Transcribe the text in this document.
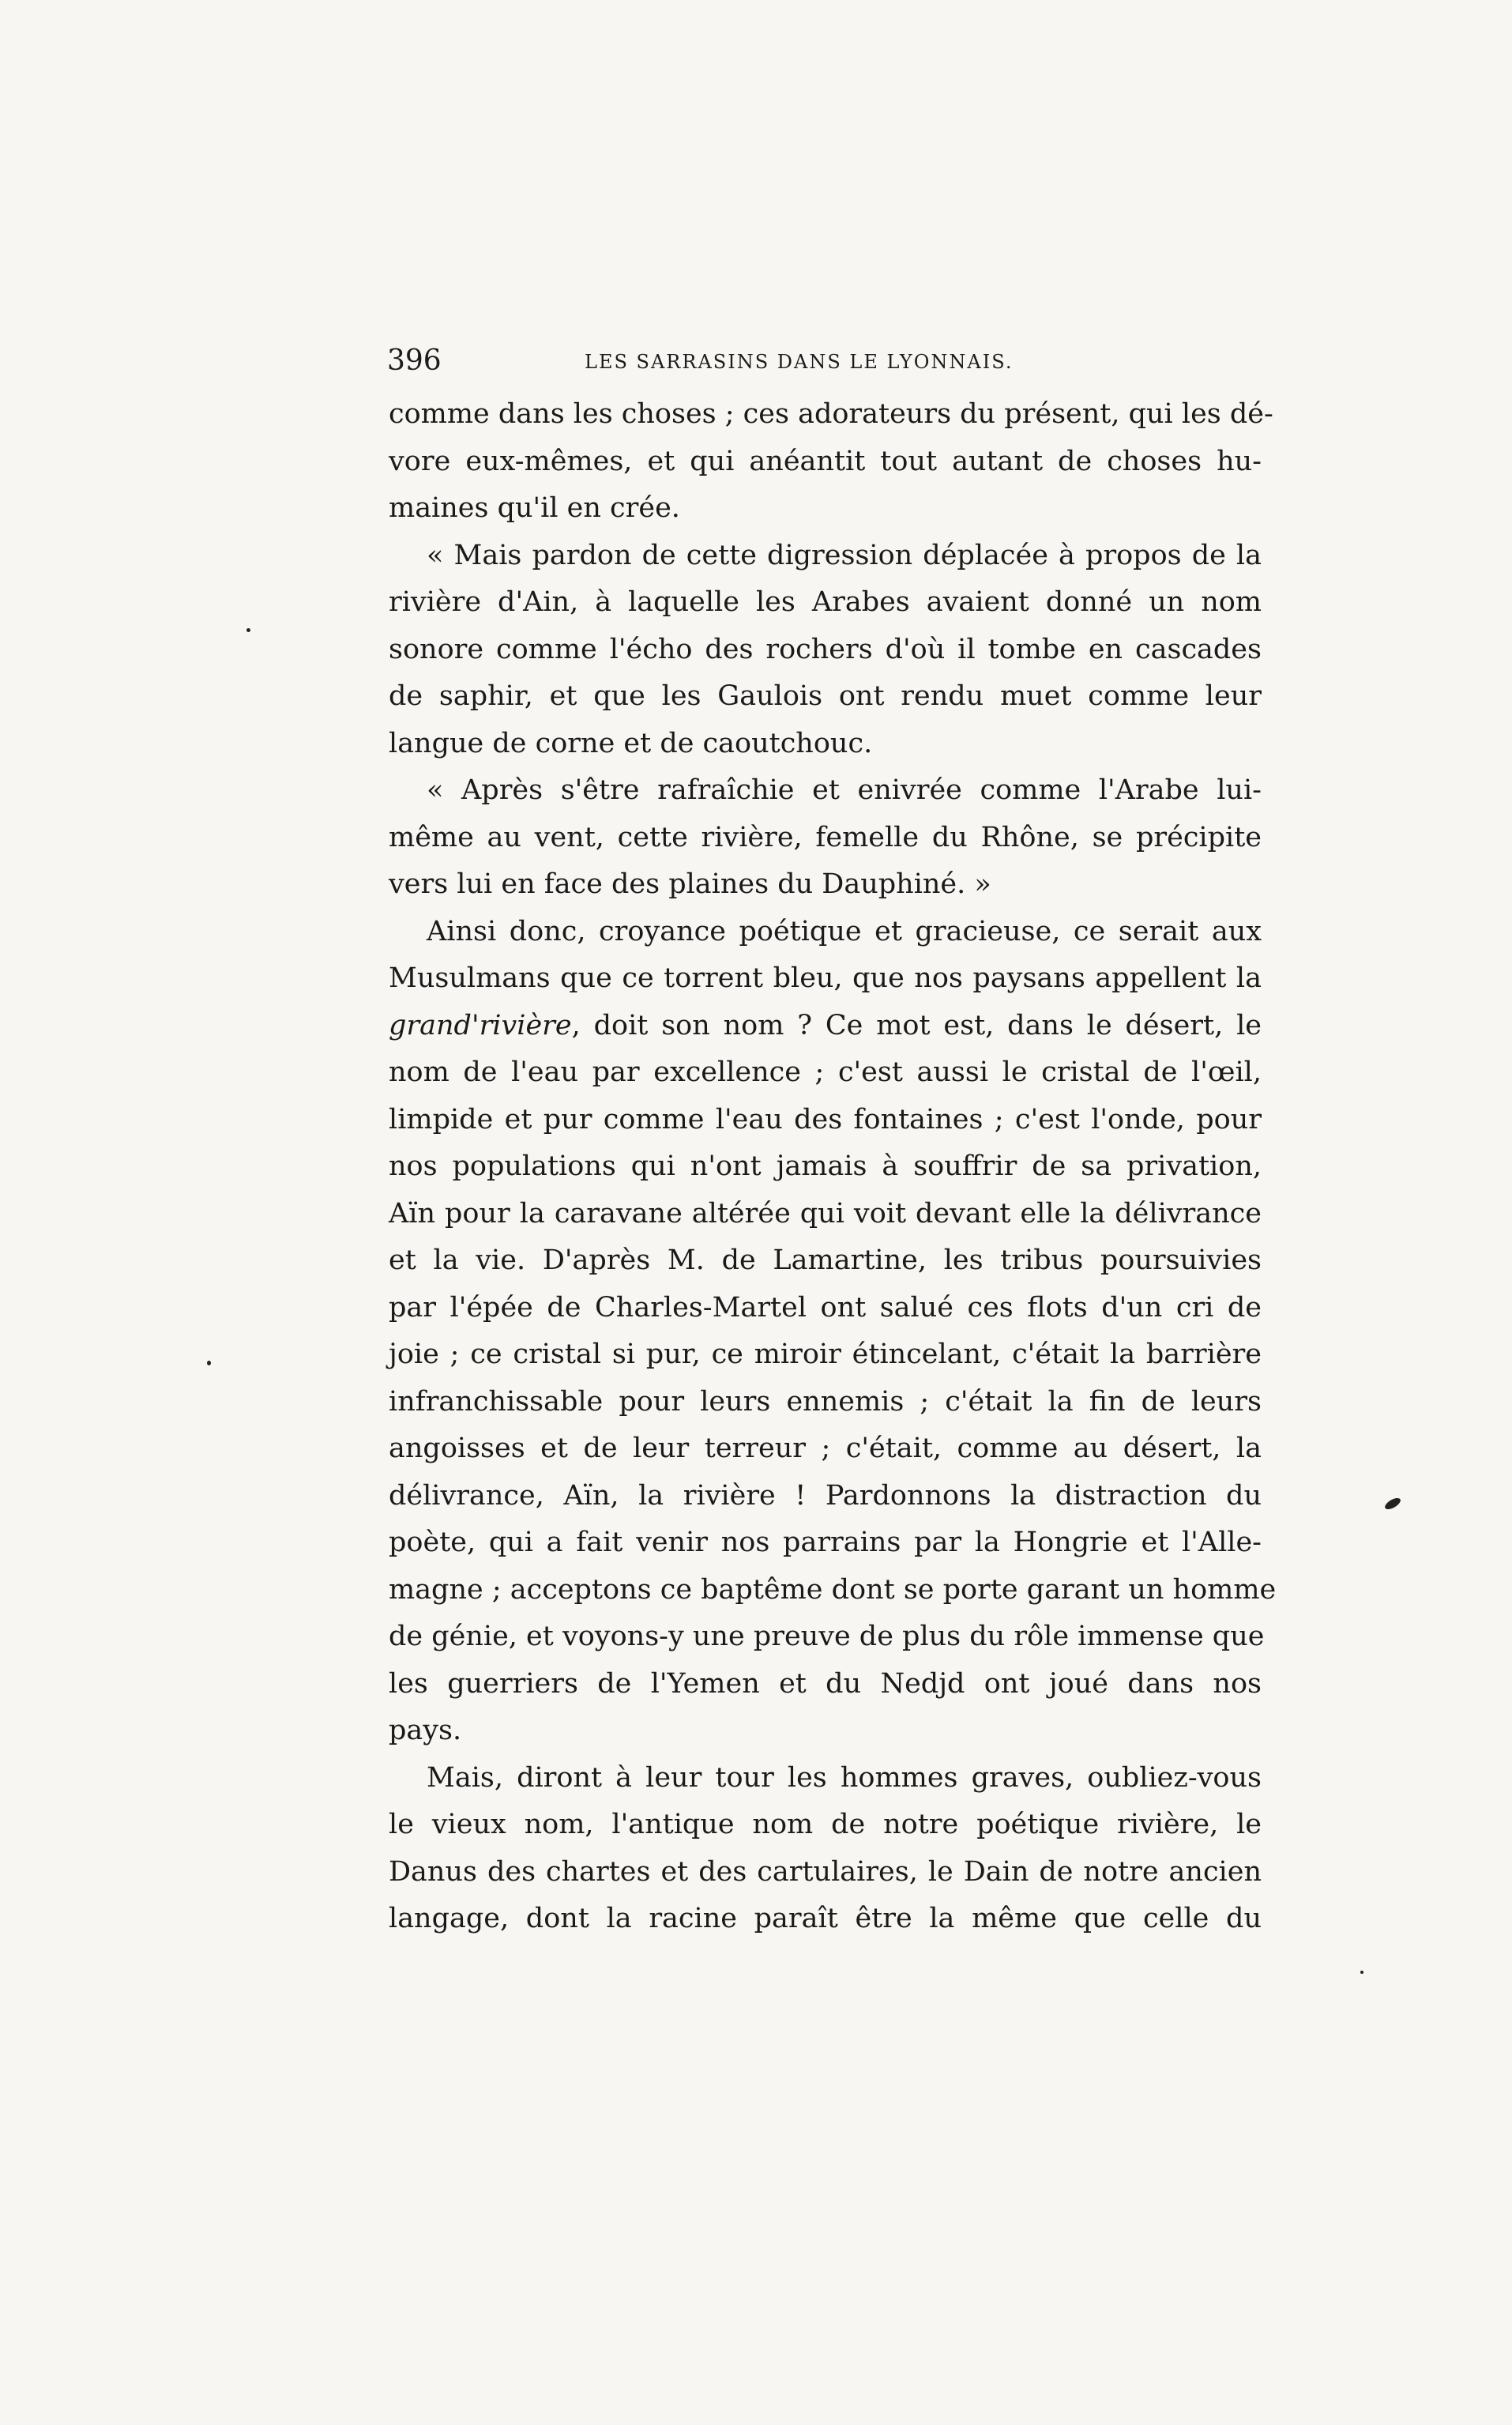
396	LES SARRASINS DANS LE LYONNAIS.
comme dans les choses ; ces adorateurs du présent, qui les dé-
vore eux-mêmes, et qui anéantit tout autant de choses hu-
maines qu'il en crée.
« Mais pardon de cette digression déplacée à propos de la
rivière d'Ain, à laquelle les Arabes avaient donné un nom
sonore comme l'écho des rochers d'où il tombe en cascades
de saphir, et que les Gaulois ont rendu muet comme leur
langue de corne et de caoutchouc.
« Après s'être rafraîchie et enivrée comme l'Arabe lui-
même au vent, cette rivière, femelle du Rhône, se précipite
vers lui en face des plaines du Dauphiné. »
Ainsi donc, croyance poétique et gracieuse, ce serait aux
Musulmans que ce torrent bleu, que nos paysans appellent la
grand'rivière, doit son nom ? Ce mot est, dans le désert, le
nom de l'eau par excellence ; c'est aussi le cristal de l'œil,
limpide et pur comme l'eau des fontaines ; c'est l'onde, pour
nos populations qui n'ont jamais à souffrir de sa privation,
Aïn pour la caravane altérée qui voit devant elle la délivrance
et la vie. D'après M. de Lamartine, les tribus poursuivies
par l'épée de Charles-Martel ont salué ces flots d'un cri de
joie ; ce cristal si pur, ce miroir étincelant, c'était la barrière
infranchissable pour leurs ennemis ; c'était la fin de leurs
angoisses et de leur terreur ; c'était, comme au désert, la
délivrance, Aïn, la rivière ! Pardonnons la distraction du
poète, qui a fait venir nos parrains par la Hongrie et l'Alle-
magne ; acceptons ce baptême dont se porte garant un homme
de génie, et voyons-y une preuve de plus du rôle immense que
les guerriers de l'Yemen et du Nedjd ont joué dans nos
pays.
Mais, diront à leur tour les hommes graves, oubliez-vous
le vieux nom, l'antique nom de notre poétique rivière, le
Danus des chartes et des cartulaires, le Dain de notre ancien
langage, dont la racine paraît être la même que celle du
